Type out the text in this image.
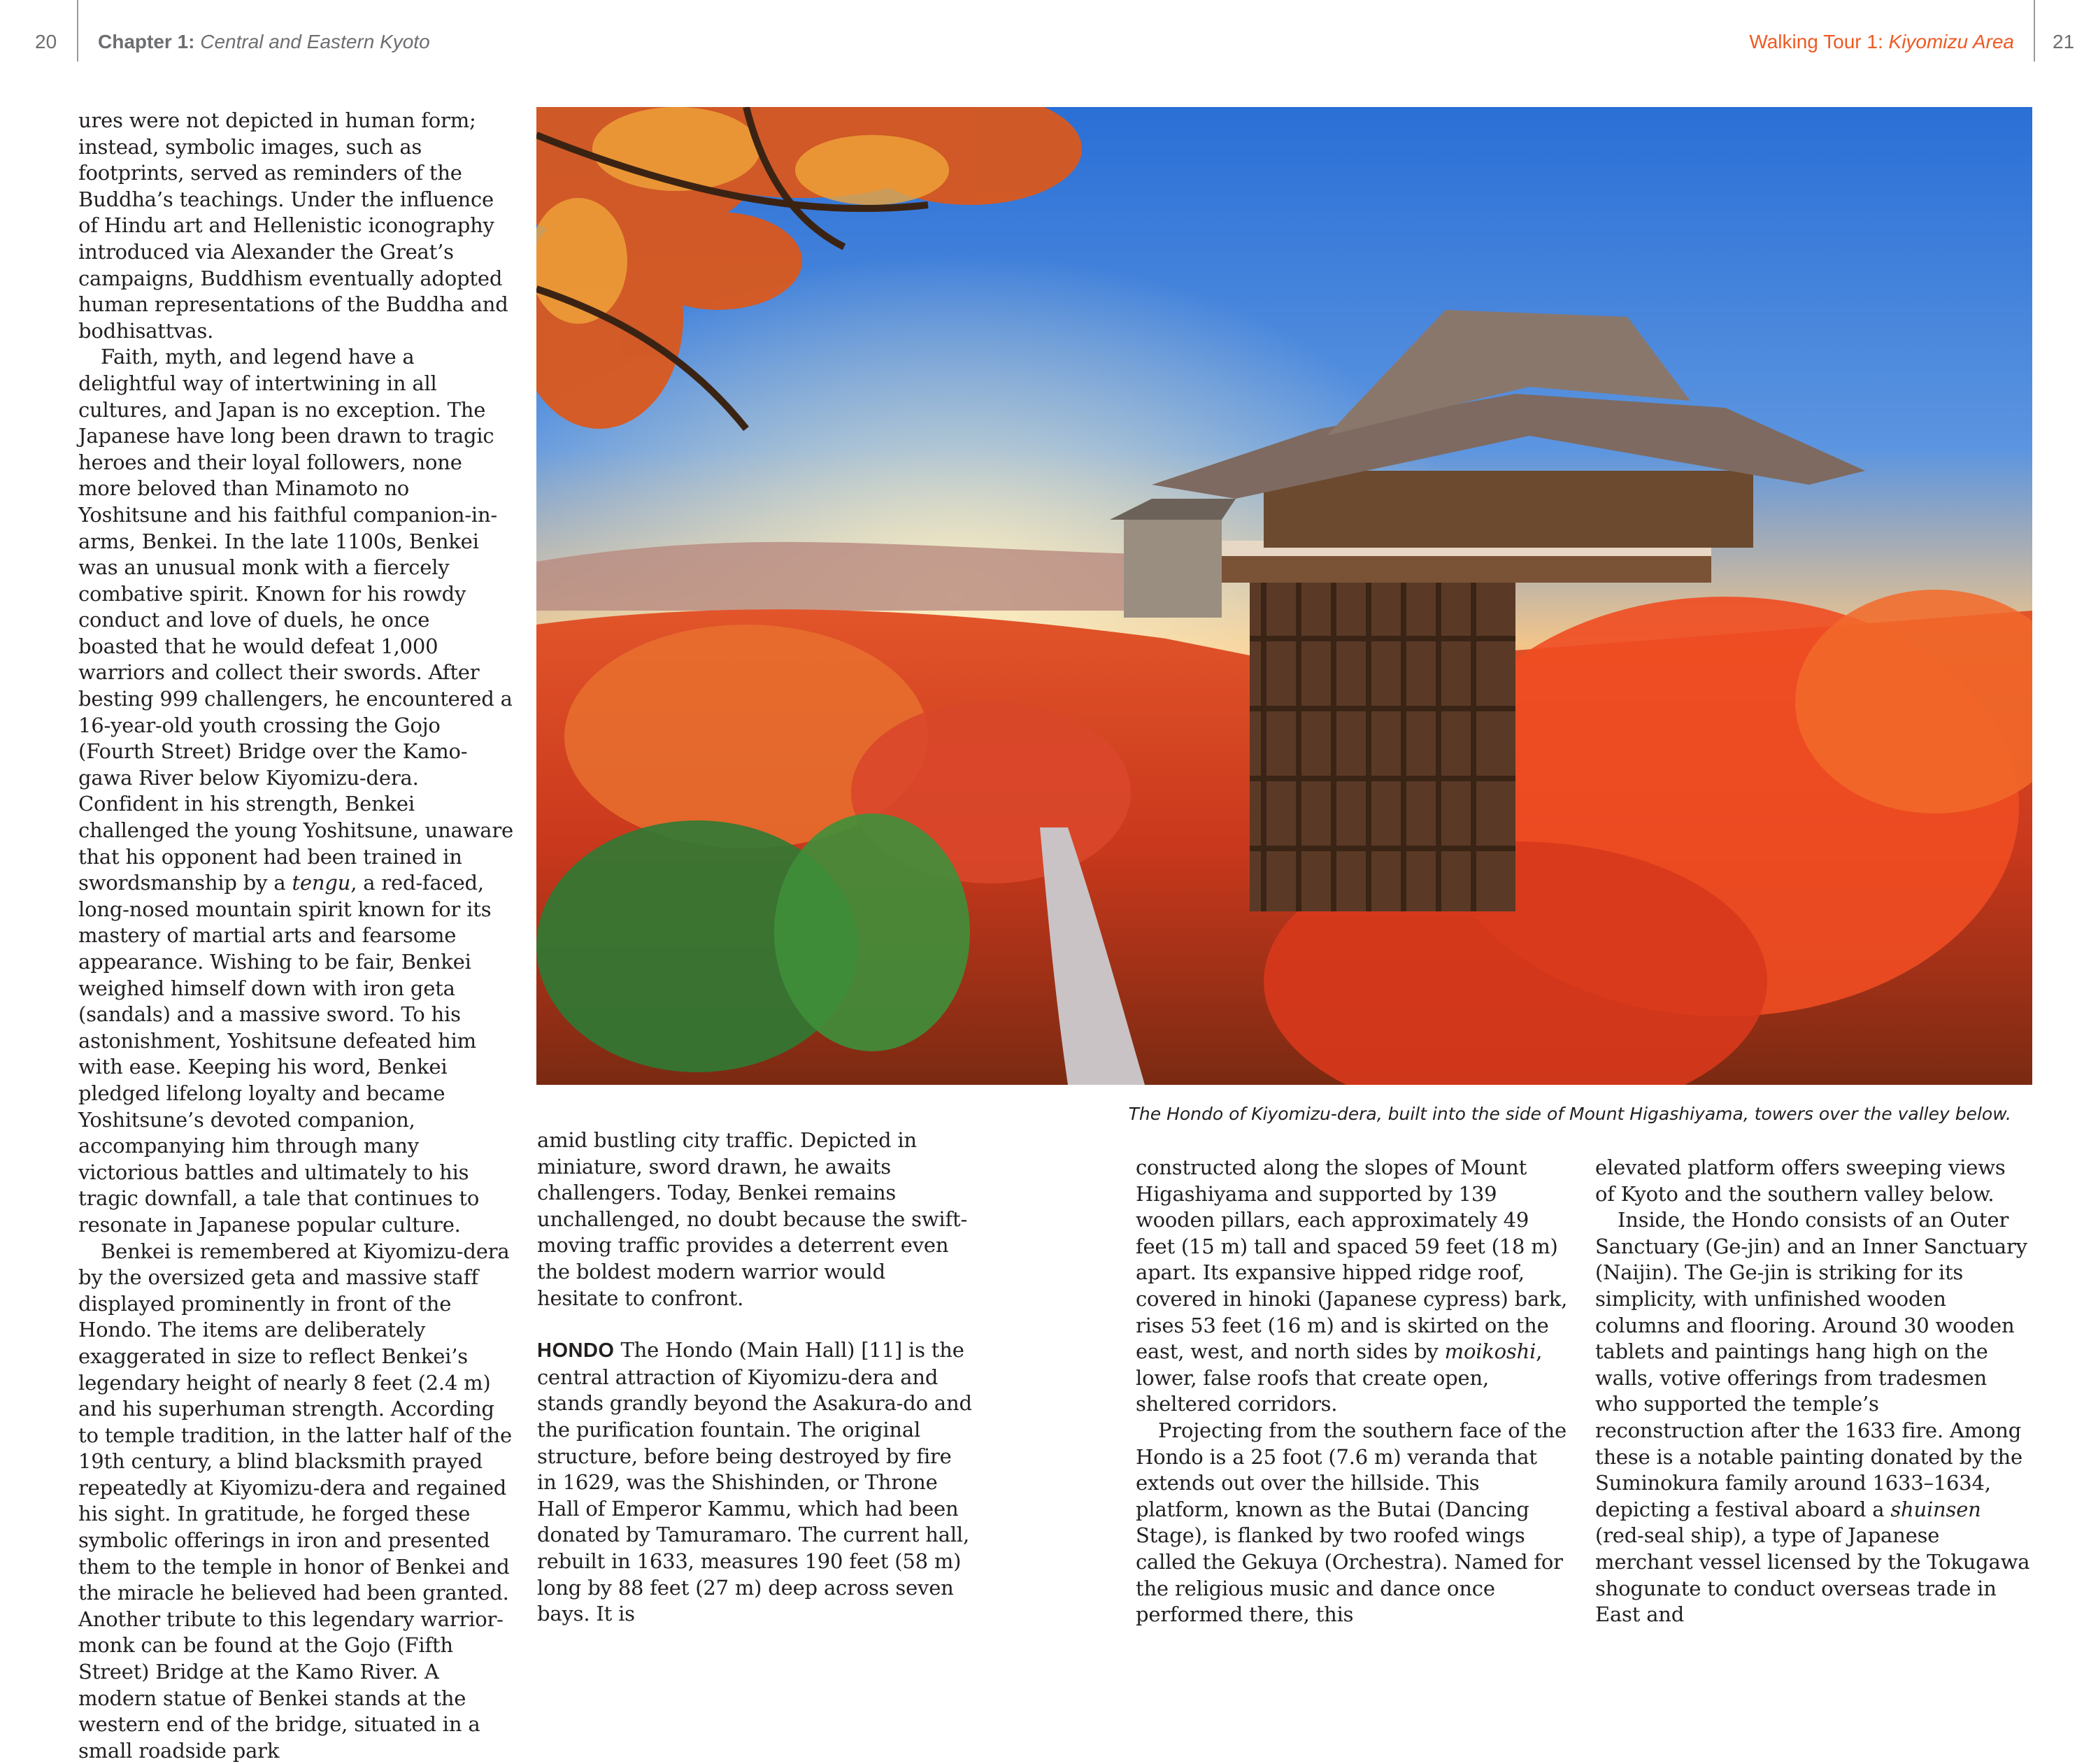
20 Chapter 1: Central and Eastern Kyoto	Walking Tour 1: Kiyomizu Area 21

ures were not depicted in human form; instead, symbolic images, such as footprints, served as reminders of the Buddha’s teachings. Under the influence of Hindu art and Hellenistic iconography introduced via Alexander the Great’s campaigns, Buddhism eventually adopted human representations of the Buddha and bodhisattvas.

Faith, myth, and legend have a delightful way of intertwining in all cultures, and Japan is no exception. The Japanese have long been drawn to tragic heroes and their loyal followers, none more beloved than Minamoto no Yoshitsune and his faithful companion-in-arms, Benkei. In the late 1100s, Benkei was an unusual monk with a fiercely combative spirit. Known for his rowdy conduct and love of duels, he once boasted that he would defeat 1,000 warriors and collect their swords. After besting 999 challengers, he encountered a 16-year-old youth crossing the Gojo (Fourth Street) Bridge over the Kamo-gawa River below Kiyomizu-dera. Confident in his strength, Benkei challenged the young Yoshitsune, unaware that his opponent had been trained in swordsmanship by a tengu, a red-faced, long-nosed mountain spirit known for its mastery of martial arts and fearsome appearance. Wishing to be fair, Benkei weighed himself down with iron geta (sandals) and a massive sword. To his astonishment, Yoshitsune defeated him with ease. Keeping his word, Benkei pledged lifelong loyalty and became Yoshitsune’s devoted companion, accompanying him through many victorious battles and ultimately to his tragic downfall, a tale that continues to resonate in Japanese popular culture.

Benkei is remembered at Kiyomizu-dera by the oversized geta and massive staff displayed prominently in front of the Hondo. The items are deliberately exaggerated in size to reflect Benkei’s legendary height of nearly 8 feet (2.4 m) and his superhuman strength. According to temple tradition, in the latter half of the 19th century, a blind blacksmith prayed repeatedly at Kiyomizu-dera and regained his sight. In gratitude, he forged these symbolic offerings in iron and presented them to the temple in honor of Benkei and the miracle he believed had been granted. Another tribute to this legendary warrior-monk can be found at the Gojo (Fifth Street) Bridge at the Kamo River. A modern statue of Benkei stands at the western end of the bridge, situated in a small roadside park

The Hondo of Kiyomizu-dera, built into the side of Mount Higashiyama, towers over the valley below.

amid bustling city traffic. Depicted in miniature, sword drawn, he awaits challengers. Today, Benkei remains unchallenged, no doubt because the swift-moving traffic provides a deterrent even the boldest modern warrior would hesitate to confront.

HONDO The Hondo (Main Hall) [11] is the central attraction of Kiyomizu-dera and stands grandly beyond the Asakura-do and the purification fountain. The original structure, before being destroyed by fire in 1629, was the Shishinden, or Throne Hall of Emperor Kammu, which had been donated by Tamuramaro. The current hall, rebuilt in 1633, measures 190 feet (58 m) long by 88 feet (27 m) deep across seven bays. It is

constructed along the slopes of Mount Higashiyama and supported by 139 wooden pillars, each approximately 49 feet (15 m) tall and spaced 59 feet (18 m) apart. Its expansive hipped ridge roof, covered in hinoki (Japanese cypress) bark, rises 53 feet (16 m) and is skirted on the east, west, and north sides by moikoshi, lower, false roofs that create open, sheltered corridors.

Projecting from the southern face of the Hondo is a 25 foot (7.6 m) veranda that extends out over the hillside. This platform, known as the Butai (Dancing Stage), is flanked by two roofed wings called the Gekuya (Orchestra). Named for the religious music and dance once performed there, this

elevated platform offers sweeping views of Kyoto and the southern valley below.

Inside, the Hondo consists of an Outer Sanctuary (Ge-jin) and an Inner Sanctuary (Naijin). The Ge-jin is striking for its simplicity, with unfinished wooden columns and flooring. Around 30 wooden tablets and paintings hang high on the walls, votive offerings from tradesmen who supported the temple’s reconstruction after the 1633 fire. Among these is a notable painting donated by the Suminokura family around 1633–1634, depicting a festival aboard a shuinsen (red-seal ship), a type of Japanese merchant vessel licensed by the Tokugawa shogunate to conduct overseas trade in East and
